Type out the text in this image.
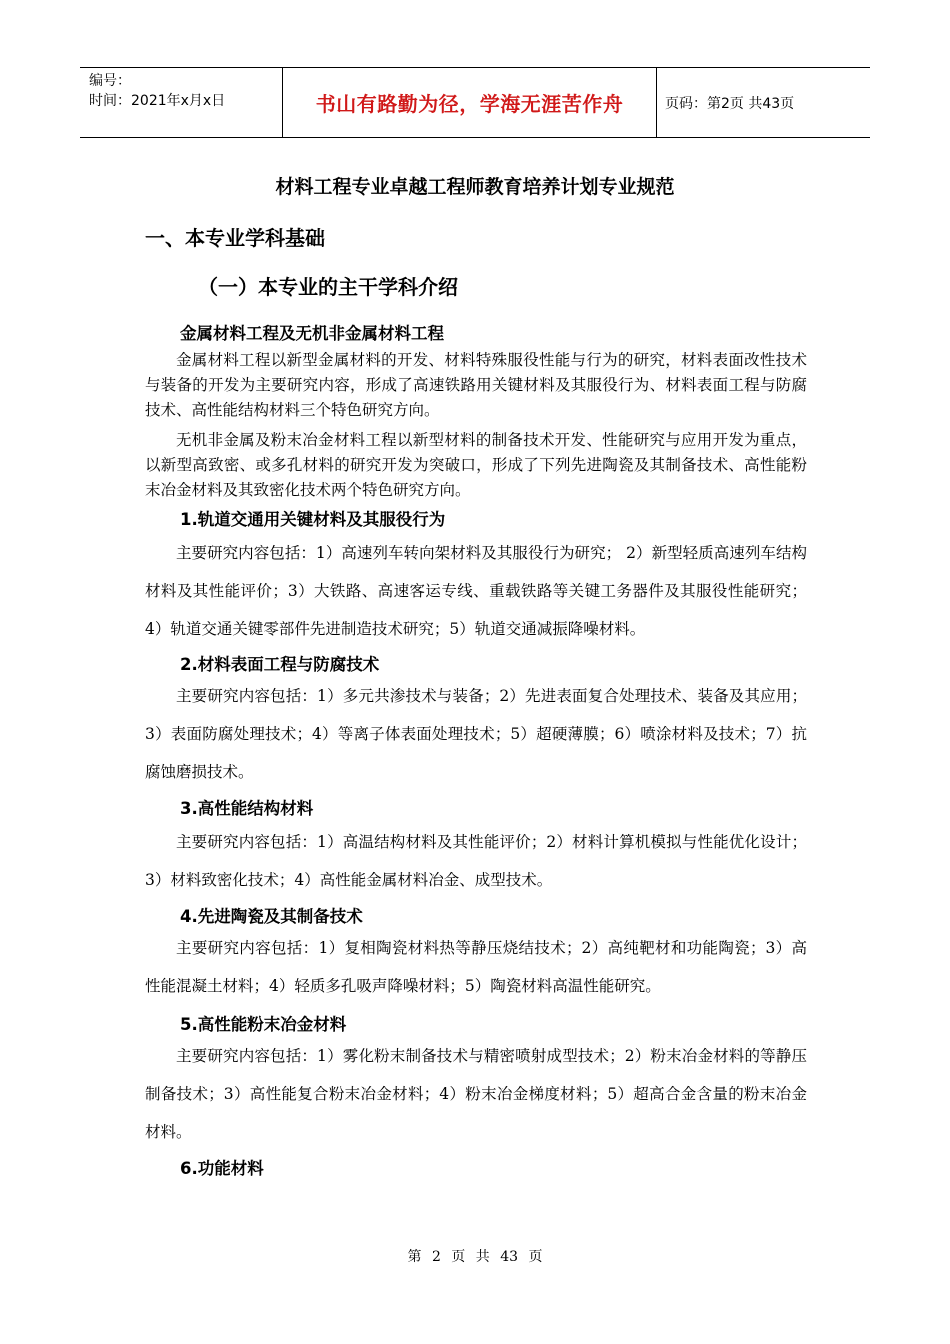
编号：
时间：2021年x月x日	书山有路勤为径，学海无涯苦作舟	页码：第2页 共43页
材料工程专业卓越工程师教育培养计划专业规范
一、本专业学科基础
（一）本专业的主干学科介绍
金属材料工程及无机非金属材料工程

金属材料工程以新型金属材料的开发、材料特殊服役性能与行为的研究，材料表面改性技术与装备的开发为主要研究内容，形成了高速铁路用关键材料及其服役行为、材料表面工程与防腐技术、高性能结构材料三个特色研究方向。

无机非金属及粉末冶金材料工程以新型材料的制备技术开发、性能研究与应用开发为重点，以新型高致密、或多孔材料的研究开发为突破口，形成了下列先进陶瓷及其制备技术、高性能粉末冶金材料及其致密化技术两个特色研究方向。

1.轨道交通用关键材料及其服役行为

主要研究内容包括：1）高速列车转向架材料及其服役行为研究； 2）新型轻质高速列车结构材料及其性能评价；3）大铁路、高速客运专线、重载铁路等关键工务器件及其服役性能研究；4）轨道交通关键零部件先进制造技术研究；5）轨道交通减振降噪材料。

2.材料表面工程与防腐技术

主要研究内容包括：1）多元共渗技术与装备；2）先进表面复合处理技术、装备及其应用；3）表面防腐处理技术；4）等离子体表面处理技术；5）超硬薄膜；6）喷涂材料及技术；7）抗腐蚀磨损技术。

3.高性能结构材料

主要研究内容包括：1）高温结构材料及其性能评价；2）材料计算机模拟与性能优化设计；3）材料致密化技术；4）高性能金属材料冶金、成型技术。

4.先进陶瓷及其制备技术

主要研究内容包括：1）复相陶瓷材料热等静压烧结技术；2）高纯靶材和功能陶瓷；3）高性能混凝土材料；4）轻质多孔吸声降噪材料；5）陶瓷材料高温性能研究。

5.高性能粉末冶金材料

主要研究内容包括：1）雾化粉末制备技术与精密喷射成型技术；2）粉末冶金材料的等静压制备技术；3）高性能复合粉末冶金材料；4）粉末冶金梯度材料；5）超高合金含量的粉末冶金材料。

6.功能材料
第 2 页 共 43 页
